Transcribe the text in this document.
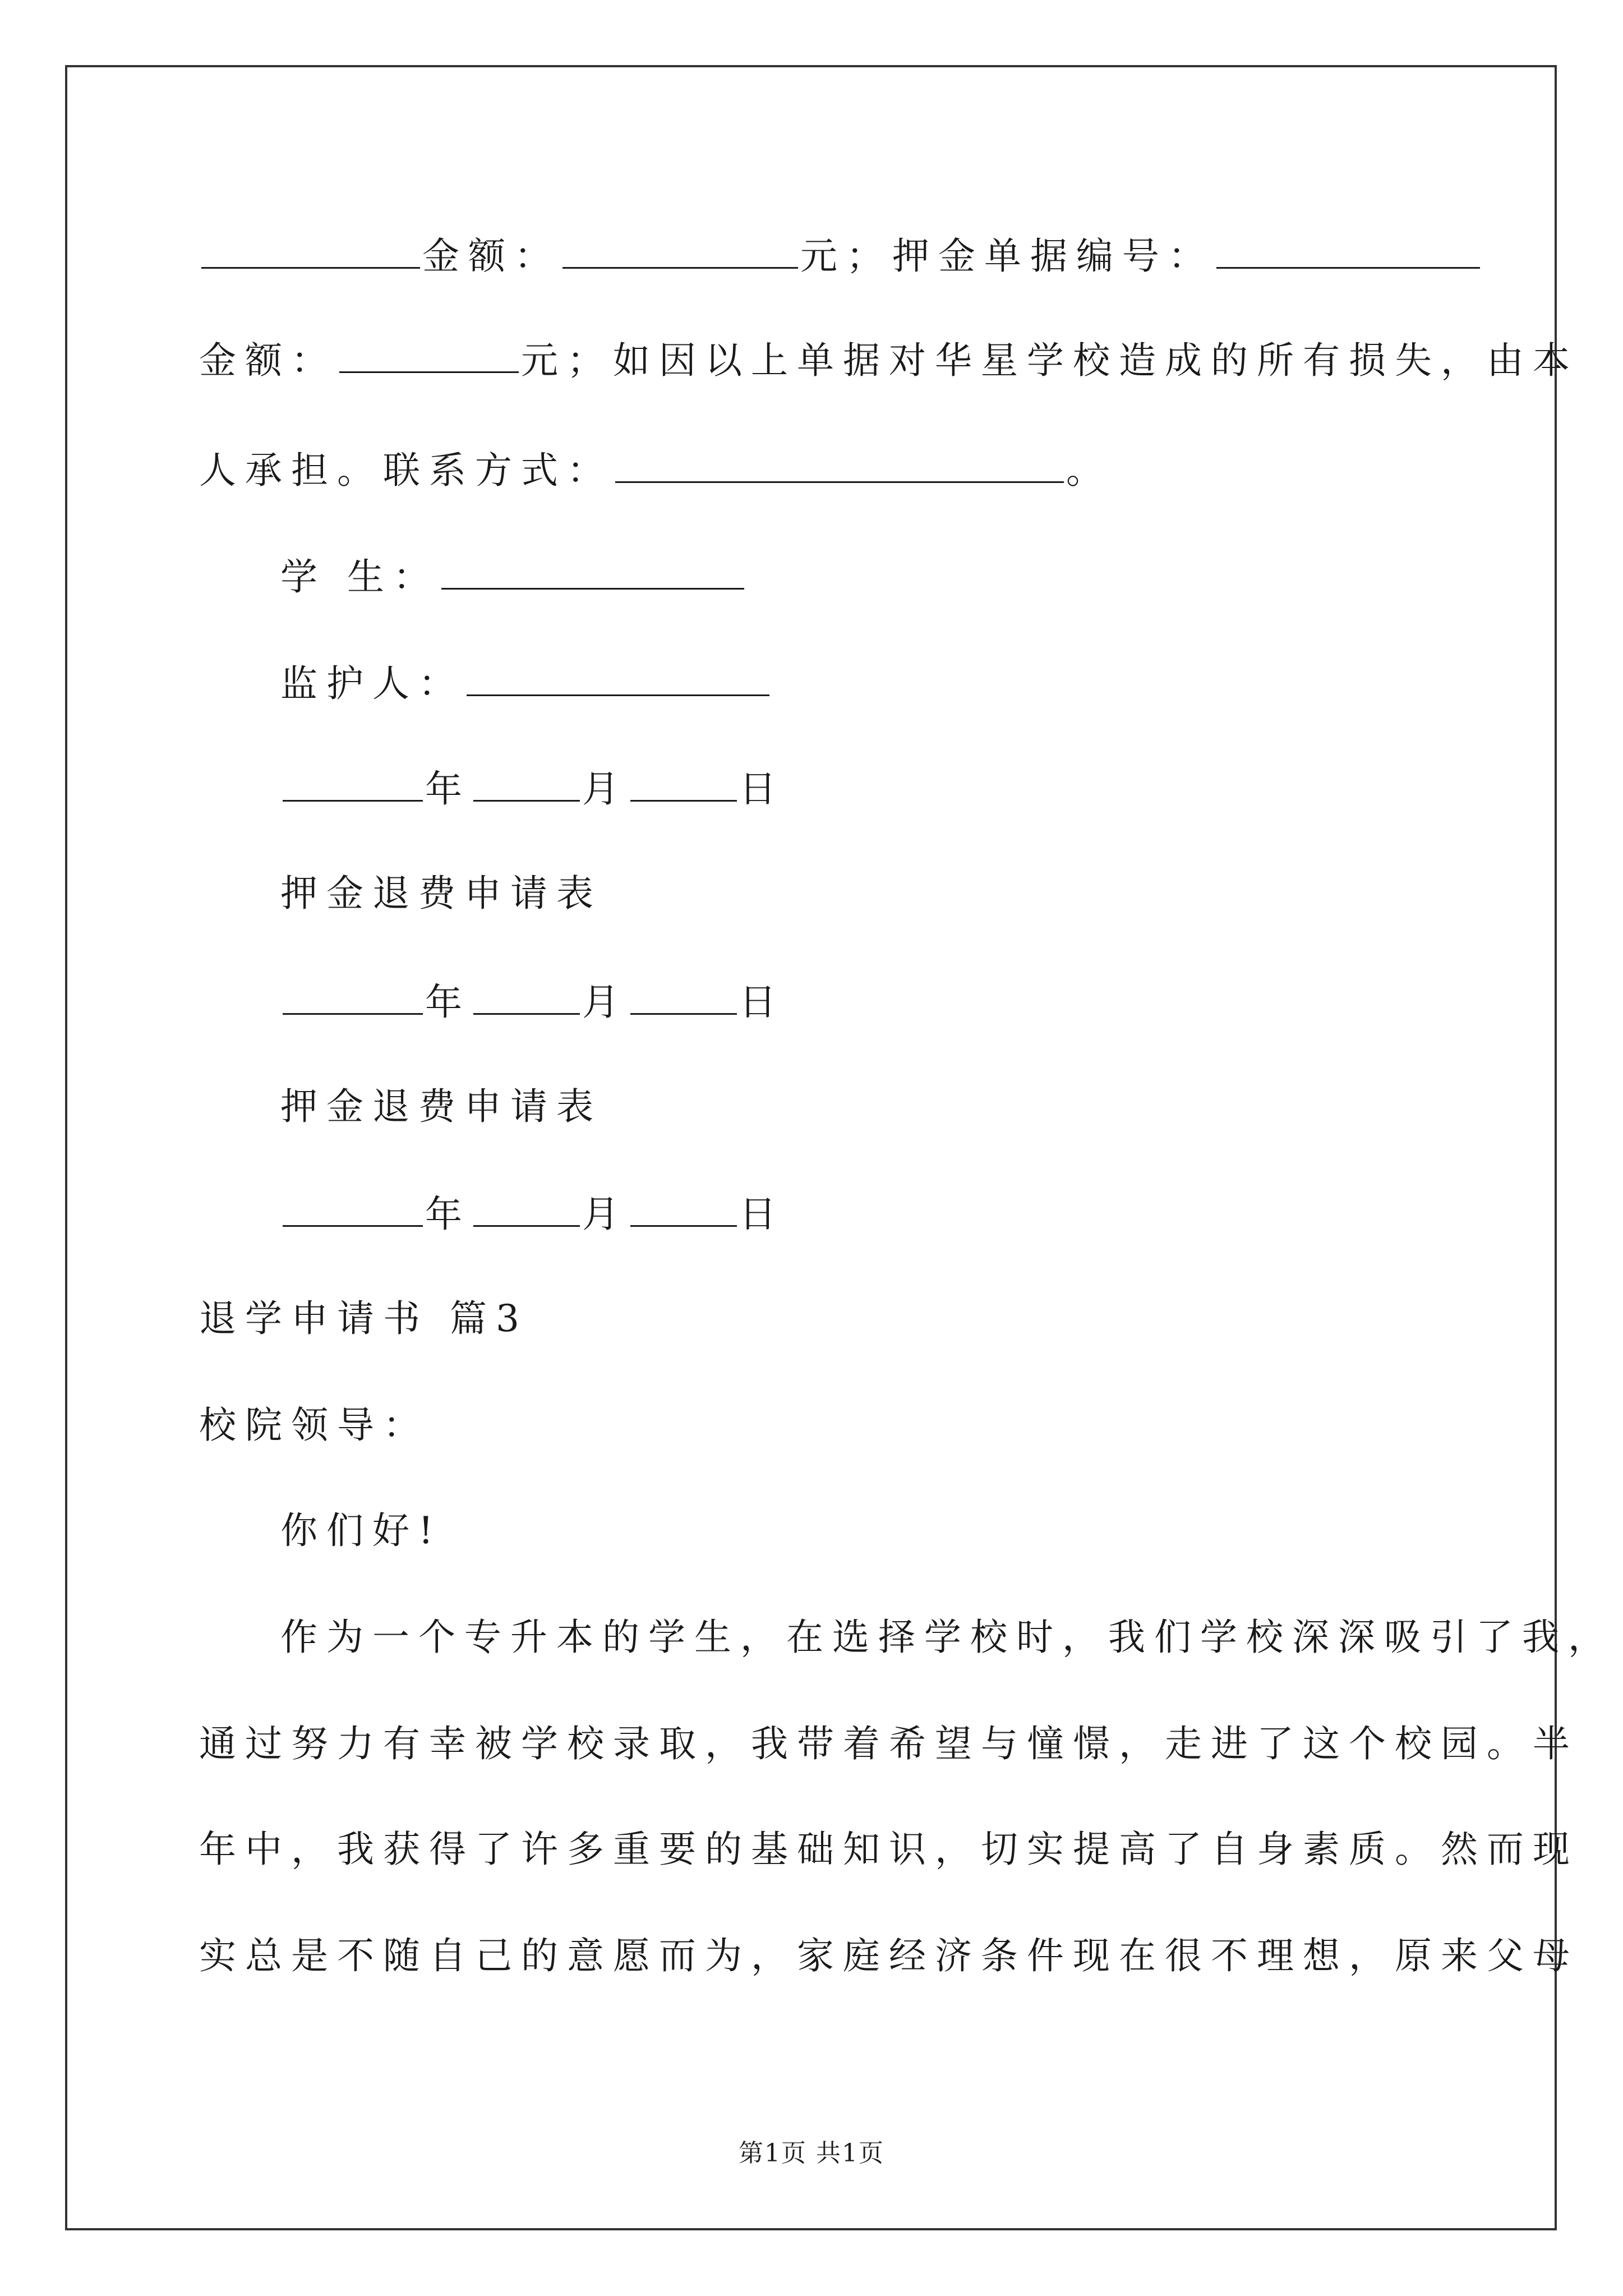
金额：	元；押金单据编号：
金额：	元；如因以上单据对华星学校造成的所有损失，由本
人承担。联系方式：	。
学 生：
监护人：
年	月	日
押金退费申请表
年	月	日
押金退费申请表
年	月	日
退学申请书 篇3
校院领导：
你们好!
作为一个专升本的学生，在选择学校时，我们学校深深吸引了我，
通过努力有幸被学校录取，我带着希望与憧憬，走进了这个校园。半
年中，我获得了许多重要的基础知识，切实提高了自身素质。然而现
实总是不随自己的意愿而为，家庭经济条件现在很不理想，原来父母
第1页 共1页
